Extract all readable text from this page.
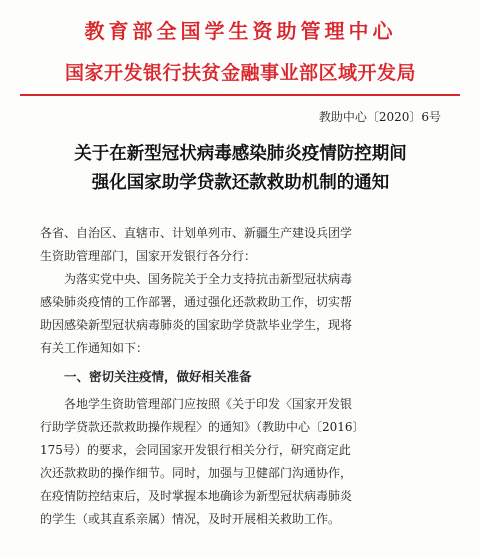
教育部全国学生资助管理中心
国家开发银行扶贫金融事业部区域开发局
教助中心〔2020〕6号
关于在新型冠状病毒感染肺炎疫情防控期间
强化国家助学贷款还款救助机制的通知
各省、自治区、直辖市、计划单列市、新疆生产建设兵团学
生资助管理部门，国家开发银行各分行：
为落实党中央、国务院关于全力支持抗击新型冠状病毒
感染肺炎疫情的工作部署，通过强化还款救助工作，切实帮
助因感染新型冠状病毒肺炎的国家助学贷款毕业学生，现将
有关工作通知如下：
一、密切关注疫情，做好相关准备
各地学生资助管理部门应按照《关于印发〈国家开发银
行助学贷款还款救助操作规程〉的通知》（教助中心〔2016〕
175号）的要求，会同国家开发银行相关分行，研究商定此
次还款救助的操作细节。同时，加强与卫健部门沟通协作，
在疫情防控结束后，及时掌握本地确诊为新型冠状病毒肺炎
的学生（或其直系亲属）情况，及时开展相关救助工作。
